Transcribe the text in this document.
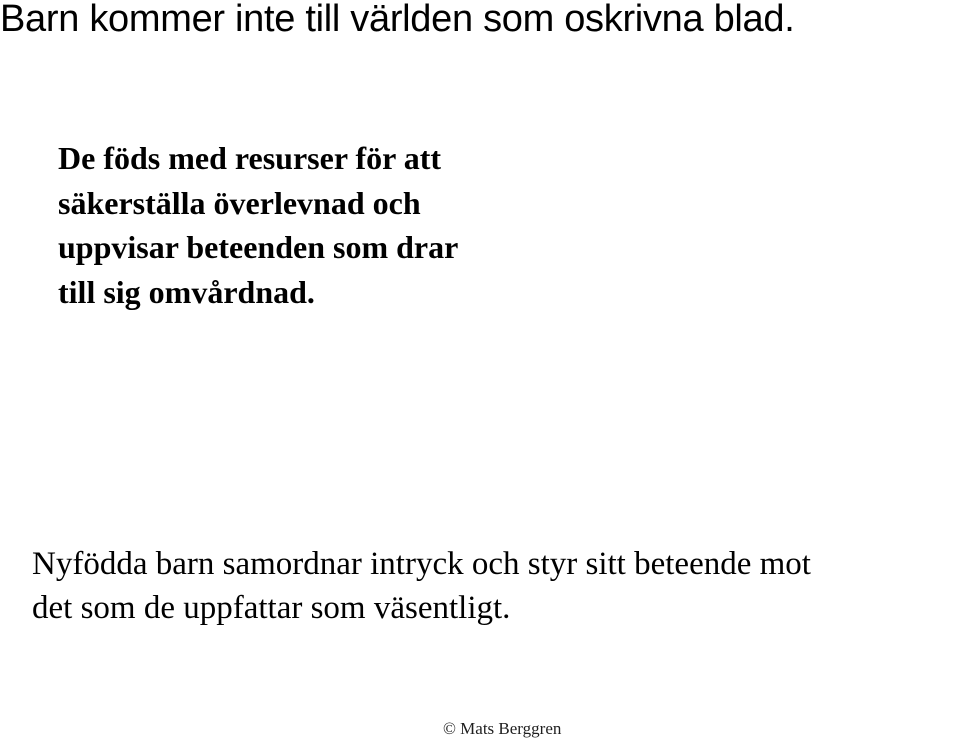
Barn kommer inte till världen som oskrivna blad.

De föds med resurser för att
säkerställa överlevnad och
uppvisar beteenden som drar
till sig omvårdnad.

Nyfödda barn samordnar intryck och styr sitt beteende mot
det som de uppfattar som väsentligt.

© Mats Berggren
